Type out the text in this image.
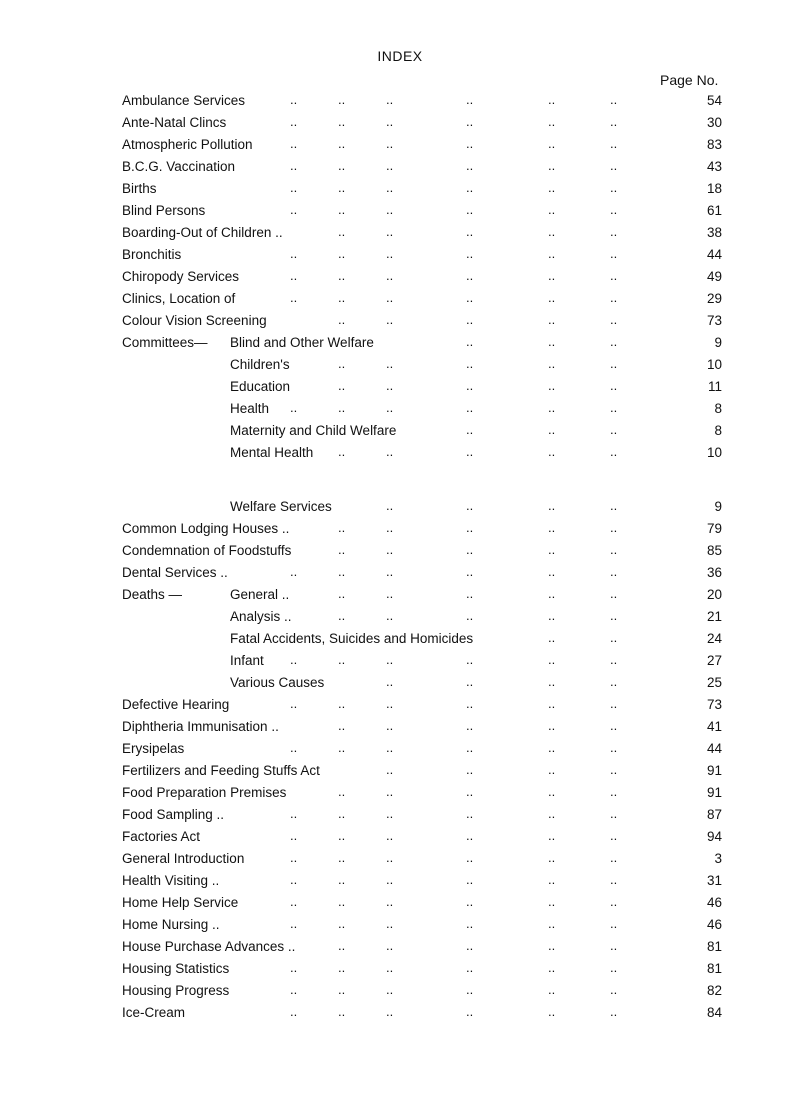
INDEX
Page No.
Ambulance Services	..	..	..	..	..	..	54
Ante-Natal Clincs	..	..	..	..	..	..	30
Atmospheric Pollution	..	..	..	..	..	..	83
B.C.G. Vaccination	..	..	..	..	..	..	43
Births	..	..	..	..	..	..	18
Blind Persons	..	..	..	..	..	..	61
Boarding-Out of Children ..	..	..	..	..	..	38
Bronchitis	..	..	..	..	..	..	44
Chiropody Services	..	..	..	..	..	..	49
Clinics, Location of	..	..	..	..	..	..	29
Colour Vision Screening	..	..	..	..	..	73
Committees— Blind and Other Welfare	..	..	..	9
Children's	..	..	..	..	..	10
Education	..	..	..	..	..	11
Health ..	..	..	..	..	..	8
Maternity and Child Welfare	..	..	..	8
Mental Health ..	..	..	..	..	10
Welfare Services	..	..	..	..	9
Common Lodging Houses ..	..	..	..	..	..	79
Condemnation of Foodstuffs	..	..	..	..	..	85
Dental Services ..	..	..	..	..	..	..	36
Deaths —	General ..	..	..	..	..	..	20
Analysis ..	..	..	..	..	..	21
Fatal Accidents, Suicides and Homicides	..	..	24
Infant ..	..	..	..	..	..	27
Various Causes	..	..	..	..	25
Defective Hearing	..	..	..	..	..	..	73
Diphtheria Immunisation ..	..	..	..	..	..	41
Erysipelas	..	..	..	..	..	..	44
Fertilizers and Feeding Stuffs Act	..	..	..	..	91
Food Preparation Premises	..	..	..	..	..	91
Food Sampling ..	..	..	..	..	..	..	87
Factories Act	..	..	..	..	..	..	94
General Introduction	..	..	..	..	..	..	3
Health Visiting ..	..	..	..	..	..	..	31
Home Help Service	..	..	..	..	..	..	46
Home Nursing ..	..	..	..	..	..	..	46
House Purchase Advances ..	..	..	..	..	..	81
Housing Statistics	..	..	..	..	..	..	81
Housing Progress	..	..	..	..	..	..	82
Ice-Cream	..	..	..	..	..	..	84
